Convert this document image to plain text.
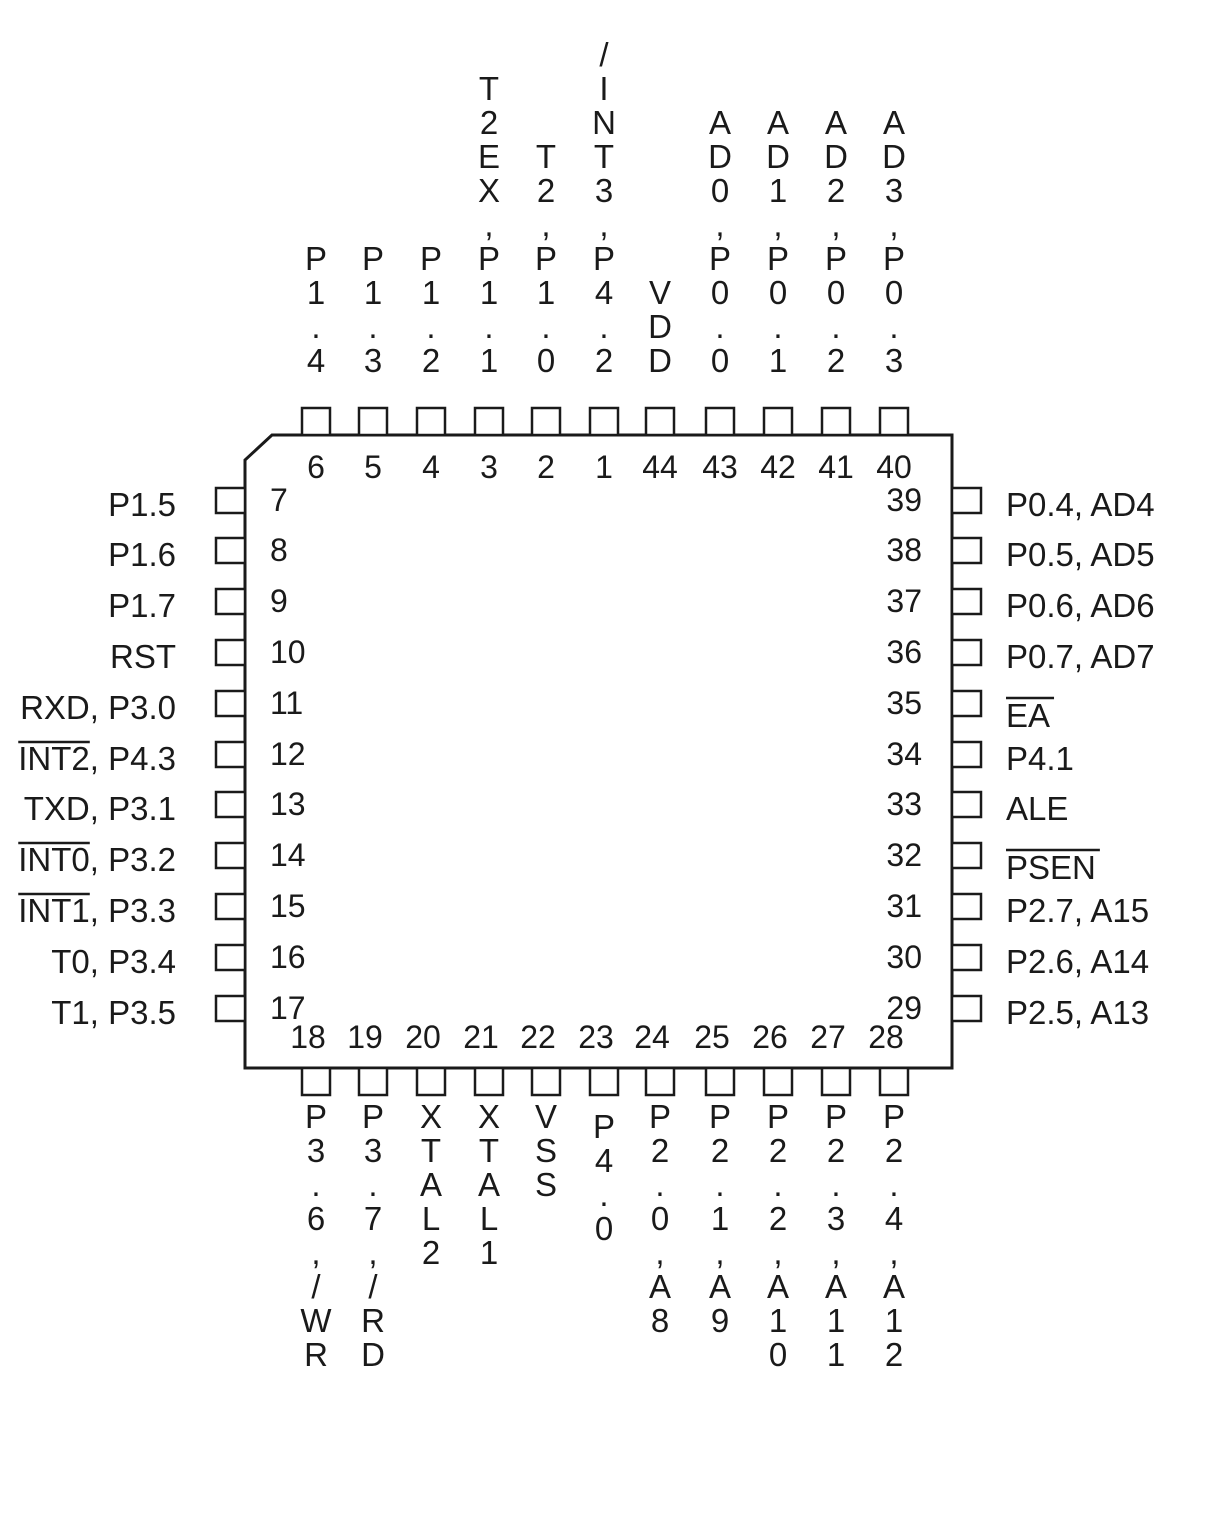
6 5 4 3 2 1 44 43 42 41 40
18 19 20 21 22 23 24 25 26 27 28
7
8
9
10
11
12
13
14
15
16
17
39
38
37
36
35
34
33
32
31
30
29
P 1 . 4
P 1 . 3
P 1 . 2
T 2 E X , P 1 . 1
T 2 , P 1 . 0
/ I N T 3 , P 4 . 2
V D D
A D 0 , P 0 . 0
A D 1 , P 0 . 1
A D 2 , P 0 . 2
A D 3 , P 0 . 3
P 3 . 6 , / W R
P 3 . 7 , / R D
X T A L 2
X T A L 1
V S S
P 4 . 0
P 2 . 0 , A 8
P 2 . 1 , A 9
P 2 . 2 , A 1 0
P 2 . 3 , A 1 1
P 2 . 4 , A 1 2
P1.5
P1.6
P1.7
RST
RXD, P3.0
INT2, P4.3
TXD, P3.1
INT0, P3.2
INT1, P3.3
T0, P3.4
T1, P3.5
P0.4, AD4
P0.5, AD5
P0.6, AD6
P0.7, AD7
EA
P4.1
ALE
PSEN
P2.7, A15
P2.6, A14
P2.5, A13
